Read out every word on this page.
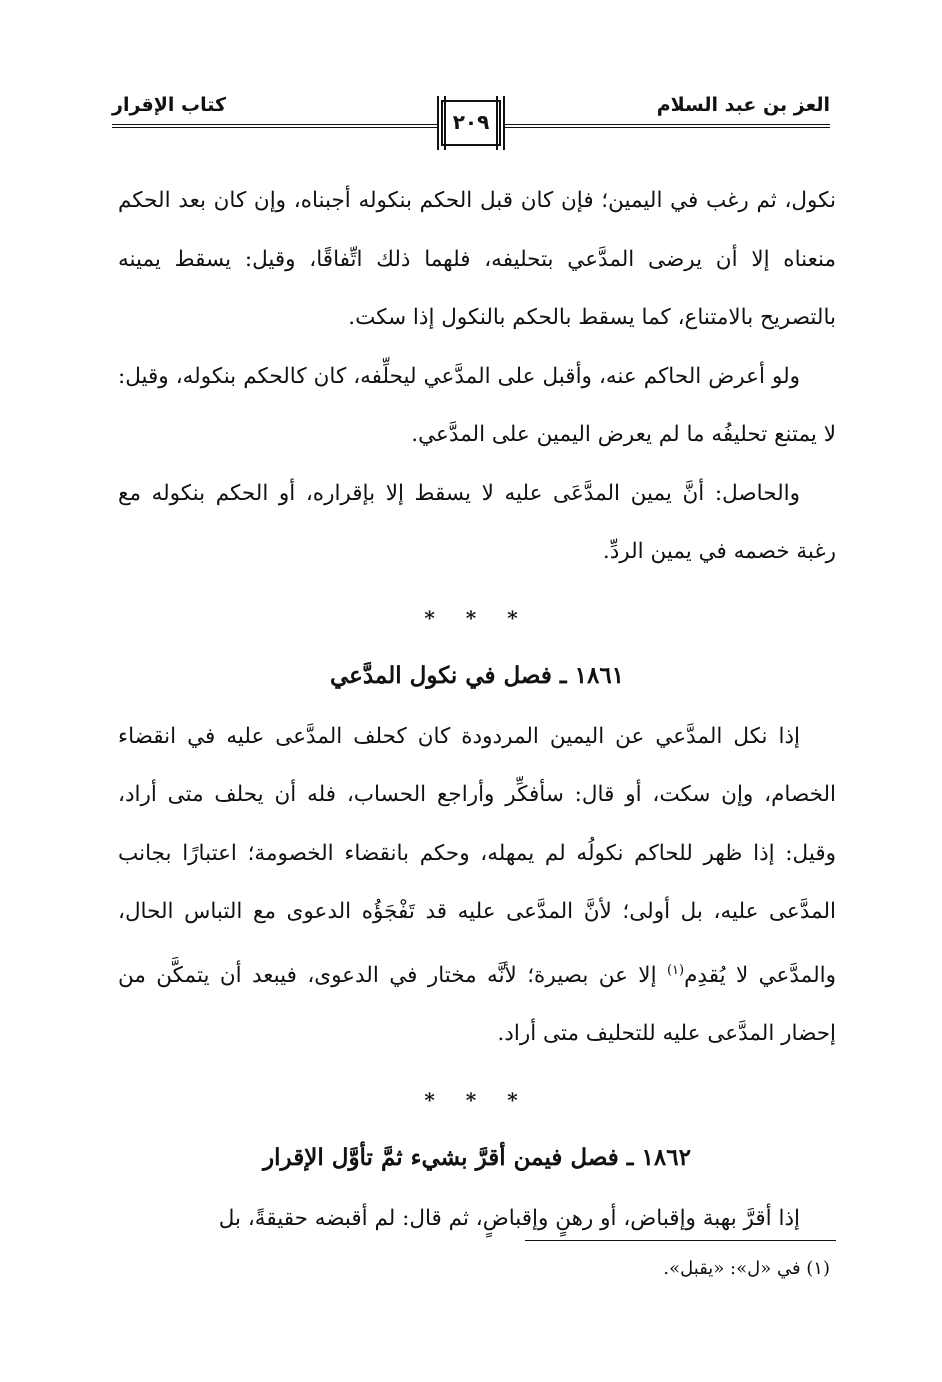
العز بن عبد السلام
كتاب الإقرار
٢٠٩

نكول، ثم رغب في اليمين؛ فإن كان قبل الحكم بنكوله أجبناه، وإن كان بعد الحكم منعناه إلا أن يرضى المدَّعي بتحليفه، فلهما ذلك اتِّفاقًا، وقيل: يسقط يمينه بالتصريح بالامتناع، كما يسقط بالحكم بالنكول إذا سكت.

ولو أعرض الحاكم عنه، وأقبل على المدَّعي ليحلِّفه، كان كالحكم بنكوله، وقيل: لا يمتنع تحليفُه ما لم يعرض اليمين على المدَّعي.

والحاصل: أنَّ يمين المدَّعَى عليه لا يسقط إلا بإقراره، أو الحكم بنكوله مع رغبة خصمه في يمين الردِّ.

* * *
١٨٦١ ـ فصل في نكول المدَّعي

إذا نكل المدَّعي عن اليمين المردودة كان كحلف المدَّعى عليه في انقضاء الخصام، وإن سكت، أو قال: سأفكِّر وأراجع الحساب، فله أن يحلف متى أراد، وقيل: إذا ظهر للحاكم نكولُه لم يمهله، وحكم بانقضاء الخصومة؛ اعتبارًا بجانب المدَّعى عليه، بل أولى؛ لأنَّ المدَّعى عليه قد تَفْجَؤُه الدعوى مع التباس الحال، والمدَّعي لا يُقدِم$^{(١)}$ إلا عن بصيرة؛ لأنَّه مختار في الدعوى، فيبعد أن يتمكَّن من إحضار المدَّعى عليه للتحليف متى أراد.

* * *
١٨٦٢ ـ فصل فيمن أقرَّ بشيء ثمَّ تأوَّل الإقرار

إذا أقرَّ بهبة وإقباض، أو رهنٍ وإقباضٍ، ثم قال: لم أقبضه حقيقةً، بل

(١) في «ل»: «يقبل».
